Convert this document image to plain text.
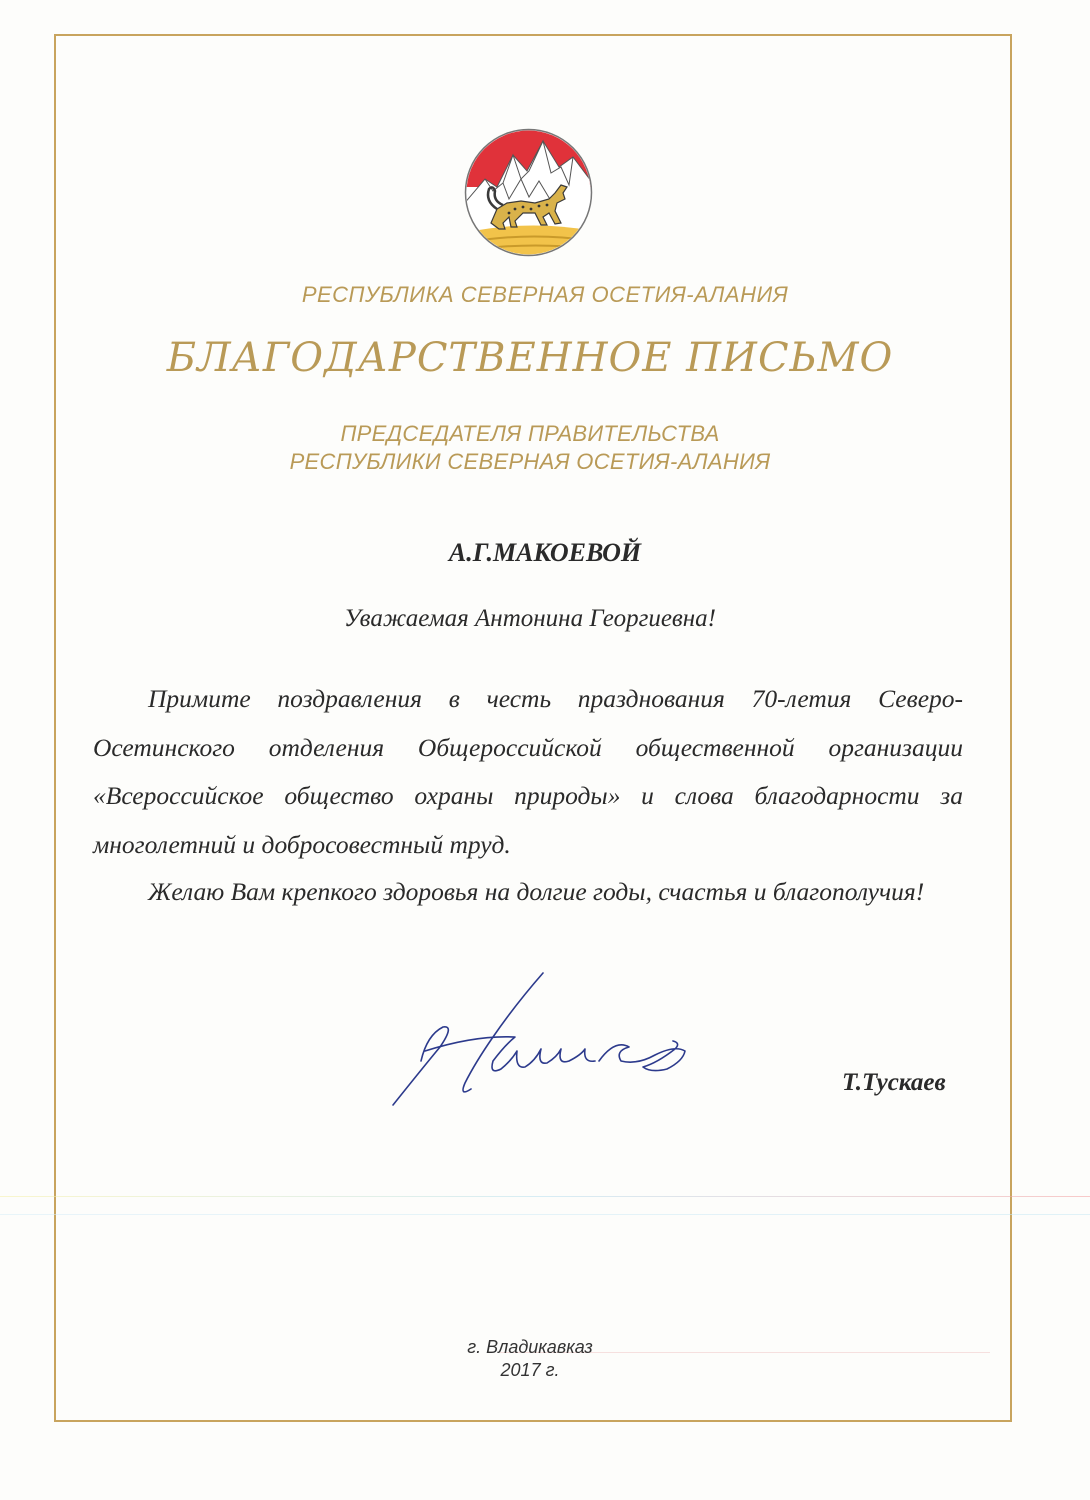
РЕСПУБЛИКА СЕВЕРНАЯ ОСЕТИЯ-АЛАНИЯ
БЛАГОДАРСТВЕННОЕ ПИСЬМО
ПРЕДСЕДАТЕЛЯ ПРАВИТЕЛЬСТВА
РЕСПУБЛИКИ СЕВЕРНАЯ ОСЕТИЯ-АЛАНИЯ
А.Г.МАКОЕВОЙ
Уважаемая Антонина Георгиевна!

Примите поздравления в честь празднования 70-летия Северо-Осетинского отделения Общероссийской общественной организации «Всероссийское общество охраны природы» и слова благодарности за многолетний и добросовестный труд.

Желаю Вам крепкого здоровья на долгие годы, счастья и благополучия!

Т.Тускаев
г. Владикавказ
2017 г.
